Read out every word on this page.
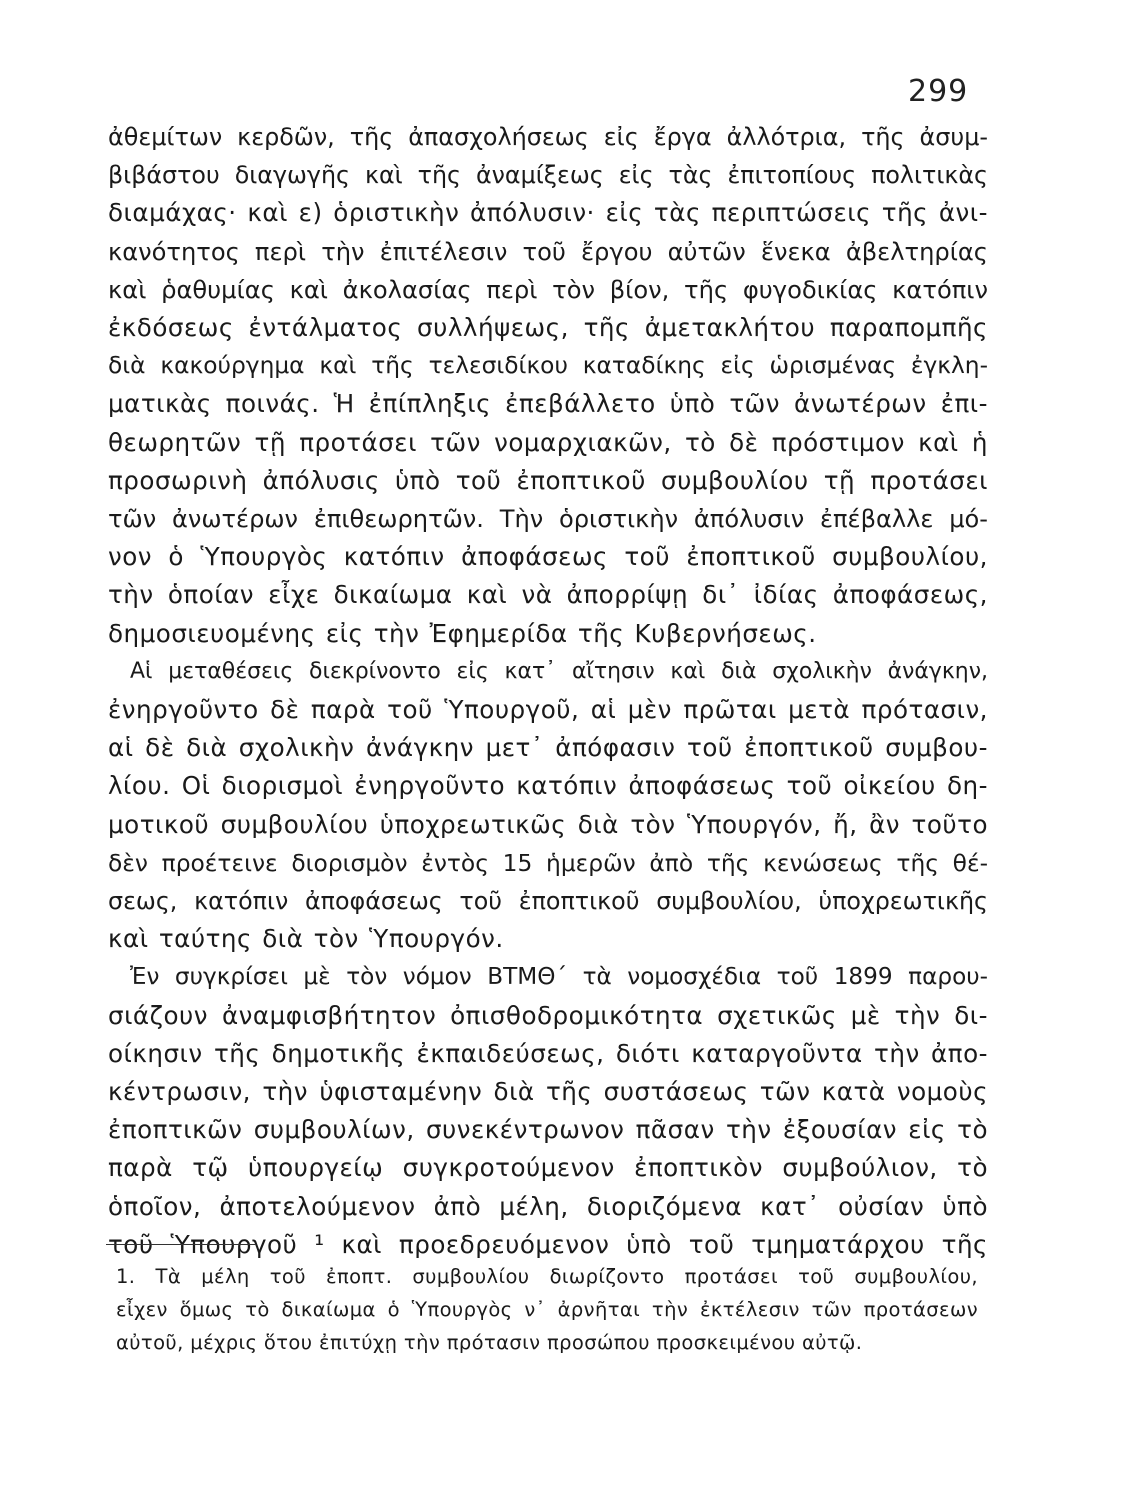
299
ἀθεμίτων κερδῶν, τῆς ἀπασχολήσεως εἰς ἔργα ἀλλότρια, τῆς ἀσυμ-
βιβάστου διαγωγῆς καὶ τῆς ἀναμίξεως εἰς τὰς ἐπιτοπίους πολιτικὰς
διαμάχας· καὶ ε) ὁριστικὴν ἀπόλυσιν· εἰς τὰς περιπτώσεις τῆς ἀνι-
κανότητος περὶ τὴν ἐπιτέλεσιν τοῦ ἔργου αὐτῶν ἕνεκα ἀβελτηρίας
καὶ ῥαθυμίας καὶ ἀκολασίας περὶ τὸν βίον, τῆς φυγοδικίας κατόπιν
ἐκδόσεως ἐντάλματος συλλήψεως, τῆς ἀμετακλήτου παραπομπῆς
διὰ κακούργημα καὶ τῆς τελεσιδίκου καταδίκης εἰς ὡρισμένας ἐγκλη-
ματικὰς ποινάς. Ἡ ἐπίπληξις ἐπεβάλλετο ὑπὸ τῶν ἀνωτέρων ἐπι-
θεωρητῶν τῇ προτάσει τῶν νομαρχιακῶν, τὸ δὲ πρόστιμον καὶ ἡ
προσωρινὴ ἀπόλυσις ὑπὸ τοῦ ἐποπτικοῦ συμβουλίου τῇ προτάσει
τῶν ἀνωτέρων ἐπιθεωρητῶν. Τὴν ὁριστικὴν ἀπόλυσιν ἐπέβαλλε μό-
νον ὁ Ὑπουργὸς κατόπιν ἀποφάσεως τοῦ ἐποπτικοῦ συμβουλίου,
τὴν ὁποίαν εἶχε δικαίωμα καὶ νὰ ἀπορρίψῃ δι᾽ ἰδίας ἀποφάσεως,
δημοσιευομένης εἰς τὴν Ἐφημερίδα τῆς Κυβερνήσεως.
Αἱ μεταθέσεις διεκρίνοντο εἰς κατ᾽ αἴτησιν καὶ διὰ σχολικὴν ἀνάγκην,
ἐνηργοῦντο δὲ παρὰ τοῦ Ὑπουργοῦ, αἱ μὲν πρῶται μετὰ πρότασιν,
αἱ δὲ διὰ σχολικὴν ἀνάγκην μετ᾽ ἀπόφασιν τοῦ ἐποπτικοῦ συμβου-
λίου. Οἱ διορισμοὶ ἐνηργοῦντο κατόπιν ἀποφάσεως τοῦ οἰκείου δη-
μοτικοῦ συμβουλίου ὑποχρεωτικῶς διὰ τὸν Ὑπουργόν, ἤ, ἂν τοῦτο
δὲν προέτεινε διορισμὸν ἐντὸς 15 ἡμερῶν ἀπὸ τῆς κενώσεως τῆς θέ-
σεως, κατόπιν ἀποφάσεως τοῦ ἐποπτικοῦ συμβουλίου, ὑποχρεωτικῆς
καὶ ταύτης διὰ τὸν Ὑπουργόν.
Ἐν συγκρίσει μὲ τὸν νόμον ΒΤΜΘ΄ τὰ νομοσχέδια τοῦ 1899 παρου-
σιάζουν ἀναμφισβήτητον ὀπισθοδρομικότητα σχετικῶς μὲ τὴν δι-
οίκησιν τῆς δημοτικῆς ἐκπαιδεύσεως, διότι καταργοῦντα τὴν ἀπο-
κέντρωσιν, τὴν ὑφισταμένην διὰ τῆς συστάσεως τῶν κατὰ νομοὺς
ἐποπτικῶν συμβουλίων, συνεκέντρωνον πᾶσαν τὴν ἐξουσίαν εἰς τὸ
παρὰ τῷ ὑπουργείῳ συγκροτούμενον ἐποπτικὸν συμβούλιον, τὸ
ὁποῖον, ἀποτελούμενον ἀπὸ μέλη, διοριζόμενα κατ᾽ οὐσίαν ὑπὸ
τοῦ Ὑπουργοῦ ¹ καὶ προεδρευόμενον ὑπὸ τοῦ τμηματάρχου τῆς
1. Τὰ μέλη τοῦ ἐποπτ. συμβουλίου διωρίζοντο προτάσει τοῦ συμβουλίου,
εἶχεν ὅμως τὸ δικαίωμα ὁ Ὑπουργὸς ν᾽ ἀρνῆται τὴν ἐκτέλεσιν τῶν προτάσεων
αὐτοῦ, μέχρις ὅτου ἐπιτύχῃ τὴν πρότασιν προσώπου προσκειμένου αὐτῷ.
